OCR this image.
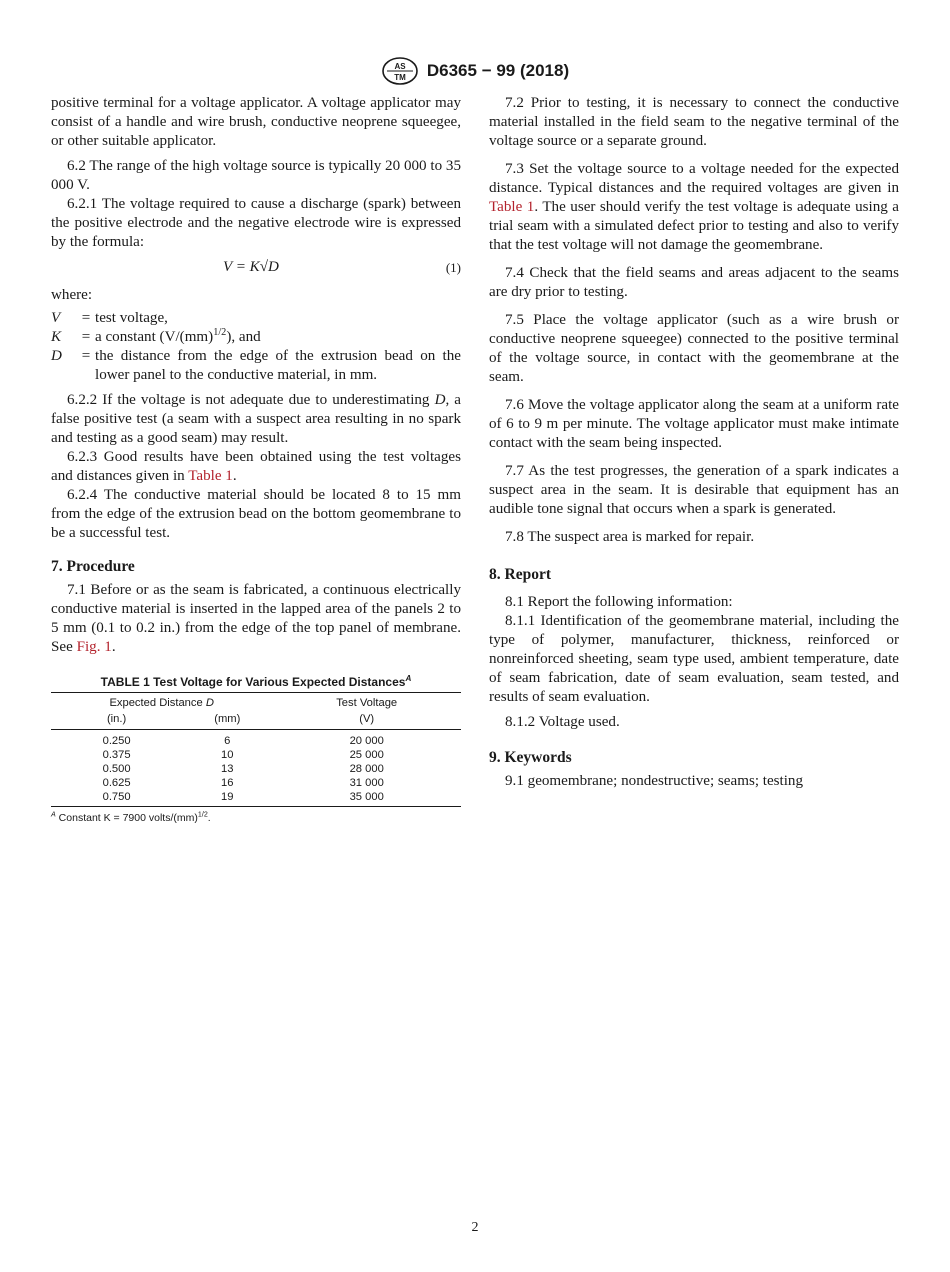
AS
TM D6365 − 99 (2018)

positive terminal for a voltage applicator. A voltage applicator may consist of a handle and wire brush, conductive neoprene squeegee, or other suitable applicator.

6.2 The range of the high voltage source is typically 20 000 to 35 000 V.

6.2.1 The voltage required to cause a discharge (spark) between the positive electrode and the negative electrode wire is expressed by the formula:

V = K√D	(1)

where:

V	= test voltage,
K	= a constant (V/(mm)$^{1/2}$), and
D	= the distance from the edge of the extrusion bead on the lower panel to the conductive material, in mm.

6.2.2 If the voltage is not adequate due to underestimating D, a false positive test (a seam with a suspect area resulting in no spark and testing as a good seam) may result.

6.2.3 Good results have been obtained using the test voltages and distances given in Table 1.

6.2.4 The conductive material should be located 8 to 15 mm from the edge of the extrusion bead on the bottom geomembrane to be a successful test.

7. Procedure

7.1 Before or as the seam is fabricated, a continuous electrically conductive material is inserted in the lapped area of the panels 2 to 5 mm (0.1 to 0.2 in.) from the edge of the top panel of membrane. See Fig. 1.

TABLE 1 Test Voltage for Various Expected Distances$^A$
Expected Distance D		Test Voltage
(in.)	(mm)	(V)
0.250	6	20 000
0.375	10	25 000
0.500	13	28 000
0.625	16	31 000
0.750	19	35 000
$^A$ Constant K = 7900 volts/(mm)$^{1/2}$.

7.2 Prior to testing, it is necessary to connect the conductive material installed in the field seam to the negative terminal of the voltage source or a separate ground.

7.3 Set the voltage source to a voltage needed for the expected distance. Typical distances and the required voltages are given in Table 1. The user should verify the test voltage is adequate using a trial seam with a simulated defect prior to testing and also to verify that the test voltage will not damage the geomembrane.

7.4 Check that the field seams and areas adjacent to the seams are dry prior to testing.

7.5 Place the voltage applicator (such as a wire brush or conductive neoprene squeegee) connected to the positive terminal of the voltage source, in contact with the geomembrane at the seam.

7.6 Move the voltage applicator along the seam at a uniform rate of 6 to 9 m per minute. The voltage applicator must make intimate contact with the seam being inspected.

7.7 As the test progresses, the generation of a spark indicates a suspect area in the seam. It is desirable that equipment has an audible tone signal that occurs when a spark is generated.

7.8 The suspect area is marked for repair.

8. Report

8.1 Report the following information:

8.1.1 Identification of the geomembrane material, including the type of polymer, manufacturer, thickness, reinforced or nonreinforced sheeting, seam type used, ambient temperature, date of seam fabrication, date of seam evaluation, seam tested, and results of seam evaluation.

8.1.2 Voltage used.

9. Keywords

9.1 geomembrane; nondestructive; seams; testing

2
